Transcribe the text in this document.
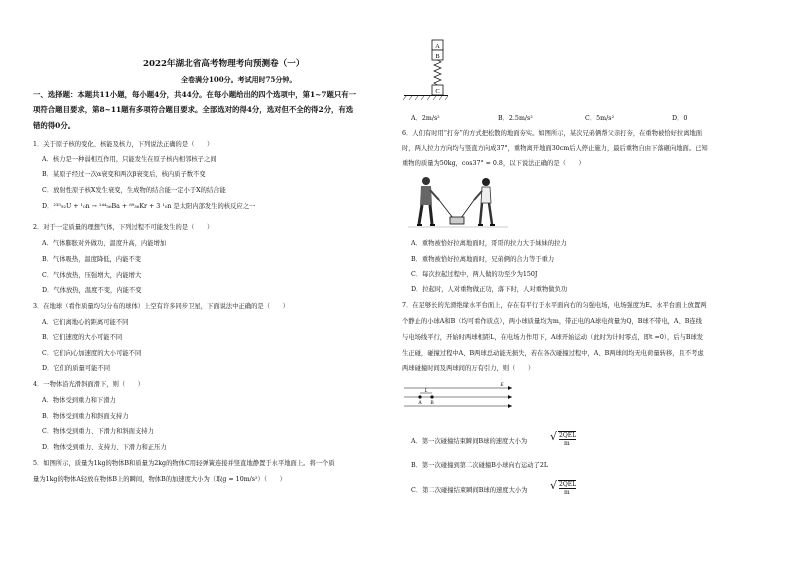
2022年湖北省高考物理考向预测卷（一）
全卷满分100分。考试用时75分钟。
一、选择题：本题共11小题，每小题4分，共44分。在每小题给出的四个选项中，第1~7题只有一
项符合题目要求，第8~11题有多项符合题目要求。全部选对的得4分，选对但不全的得2分，有选
错的得0分。
1．关于原子核的变化、核能及核力，下列说法正确的是（　　）
A．核力是一种弱相互作用，只能发生在原子核内相邻核子之间
B．某原子经过一次α衰变和两次β衰变后，核内质子数不变
C．放射性原子核X发生衰变，生成物的结合能一定小于X的结合能
D．²³⁵₉₂U + ¹₀n → ¹⁴⁴₅₆Ba + ⁸⁹₃₆Kr + 3 ¹₀n 是太阳内部发生的核反应之一
2．对于一定质量的理想气体，下列过程不可能发生的是（　　）
A．气体膨胀对外做功，温度升高，内能增加
B．气体吸热，温度降低，内能不变
C．气体放热，压强增大，内能增大
D．气体放热，温度不变，内能不变
3．在地球（看作质量均匀分布的球体）上空有许多同步卫星，下面说法中正确的是（　　）
A．它们离地心的距离可能不同
B．它们速度的大小可能不同
C．它们向心加速度的大小可能不同
D．它们的质量可能不同
4．一物体沿光滑斜面滑下，则（　　）
A．物体受到重力和下滑力
B．物体受到重力和斜面支持力
C．物体受到重力、下滑力和斜面支持力
D．物体受到重力、支持力、下滑力和正压力
5．如图所示，质量为1kg的物体B和质量为2kg的物体C用轻弹簧连接并竖直地静置于水平地面上。将一个质
量为1kg的物体A轻放在物体B上的瞬间，物体B的加速度大小为（取g = 10m/s²）（　　）
A
B
C
A．2m/s²	B．2.5m/s²	C．5m/s²	D．0
6．人们有时用“打夯”的方式把松散的地面夯实。如图所示，某次兄弟俩帮父亲打夯，在重物被恰好拉离地面
时，两人拉力方向均与竖直方向成37°，重物离开地面30cm后人停止施力，最后重物自由下落砸向地面。已知
重物的质量为50kg，cos37° = 0.8，以下说法正确的是（　　）
A．重物被恰好拉离地面时，哥哥的拉力大于妹妹的拉力
B．重物被恰好拉离地面时，兄弟俩的合力等于重力
C．每次拉起过程中，两人做的功至少为150J
D．拉起时，人对重物做正功，落下时，人对重物做负功
7．在足够长的光滑绝缘水平台面上，存在有平行于水平面向右的匀强电场，电场强度为E。水平台面上放置两
个静止的小球A和B（均可看作质点），两小球质量均为m，带正电的A球电荷量为Q，B球不带电，A、B连线
与电场线平行，开始时两球相距L，在电场力作用下，A球开始运动（此时为计时零点，即t =0），后与B球发
生正碰，碰撞过程中A、B两球总动能无损失，若在各次碰撞过程中，A、B两球间均无电荷量转移，且不考虑
两球碰撞时间及两球间的万有引力，则（　　）
L
A B
E
A．第一次碰撞结束瞬间B球的速度大小为 √ 2QEL
m
B．第一次碰撞到第二次碰撞B小球向右运动了2L
C．第二次碰撞结束瞬间B球的速度大小为 √ 2QEL
m
